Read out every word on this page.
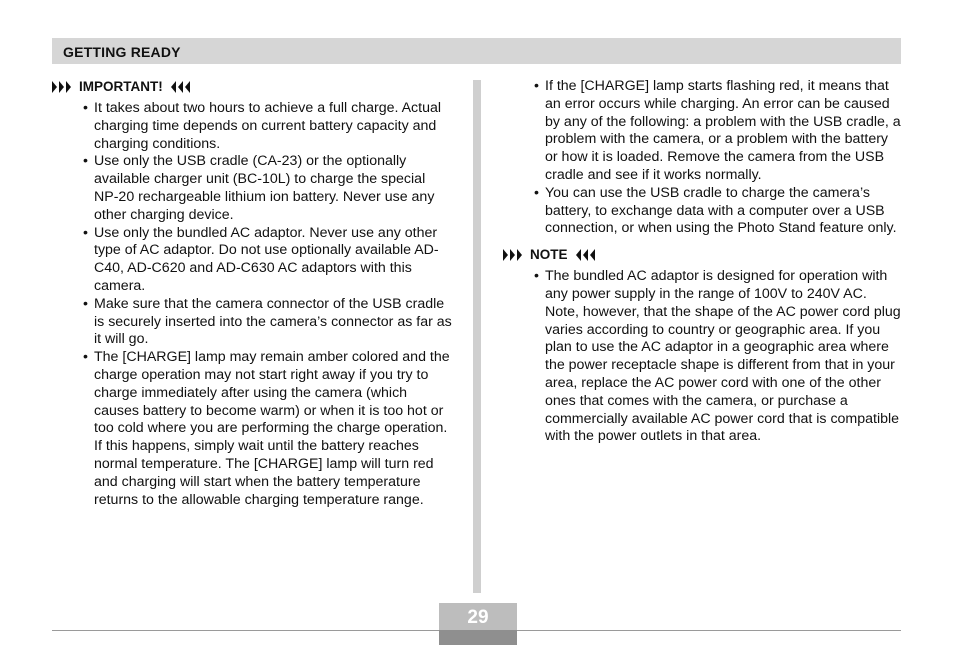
GETTING READY
IMPORTANT!
• It takes about two hours to achieve a full charge. Actual charging time depends on current battery capacity and charging conditions.
• Use only the USB cradle (CA-23) or the optionally available charger unit (BC-10L) to charge the special NP-20 rechargeable lithium ion battery. Never use any other charging device.
• Use only the bundled AC adaptor. Never use any other type of AC adaptor. Do not use optionally available AD-C40, AD-C620 and AD-C630 AC adaptors with this camera.
• Make sure that the camera connector of the USB cradle is securely inserted into the camera’s connector as far as it will go.
• The [CHARGE] lamp may remain amber colored and the charge operation may not start right away if you try to charge immediately after using the camera (which causes battery to become warm) or when it is too hot or too cold where you are performing the charge operation. If this happens, simply wait until the battery reaches normal temperature. The [CHARGE] lamp will turn red and charging will start when the battery temperature returns to the allowable charging temperature range.
• If the [CHARGE] lamp starts flashing red, it means that an error occurs while charging. An error can be caused by any of the following: a problem with the USB cradle, a problem with the camera, or a problem with the battery or how it is loaded. Remove the camera from the USB cradle and see if it works normally.
• You can use the USB cradle to charge the camera’s battery, to exchange data with a computer over a USB connection, or when using the Photo Stand feature only.
NOTE
• The bundled AC adaptor is designed for operation with any power supply in the range of 100V to 240V AC. Note, however, that the shape of the AC power cord plug varies according to country or geographic area. If you plan to use the AC adaptor in a geographic area where the power receptacle shape is different from that in your area, replace the AC power cord with one of the other ones that comes with the camera, or purchase a commercially available AC power cord that is compatible with the power outlets in that area.
29
